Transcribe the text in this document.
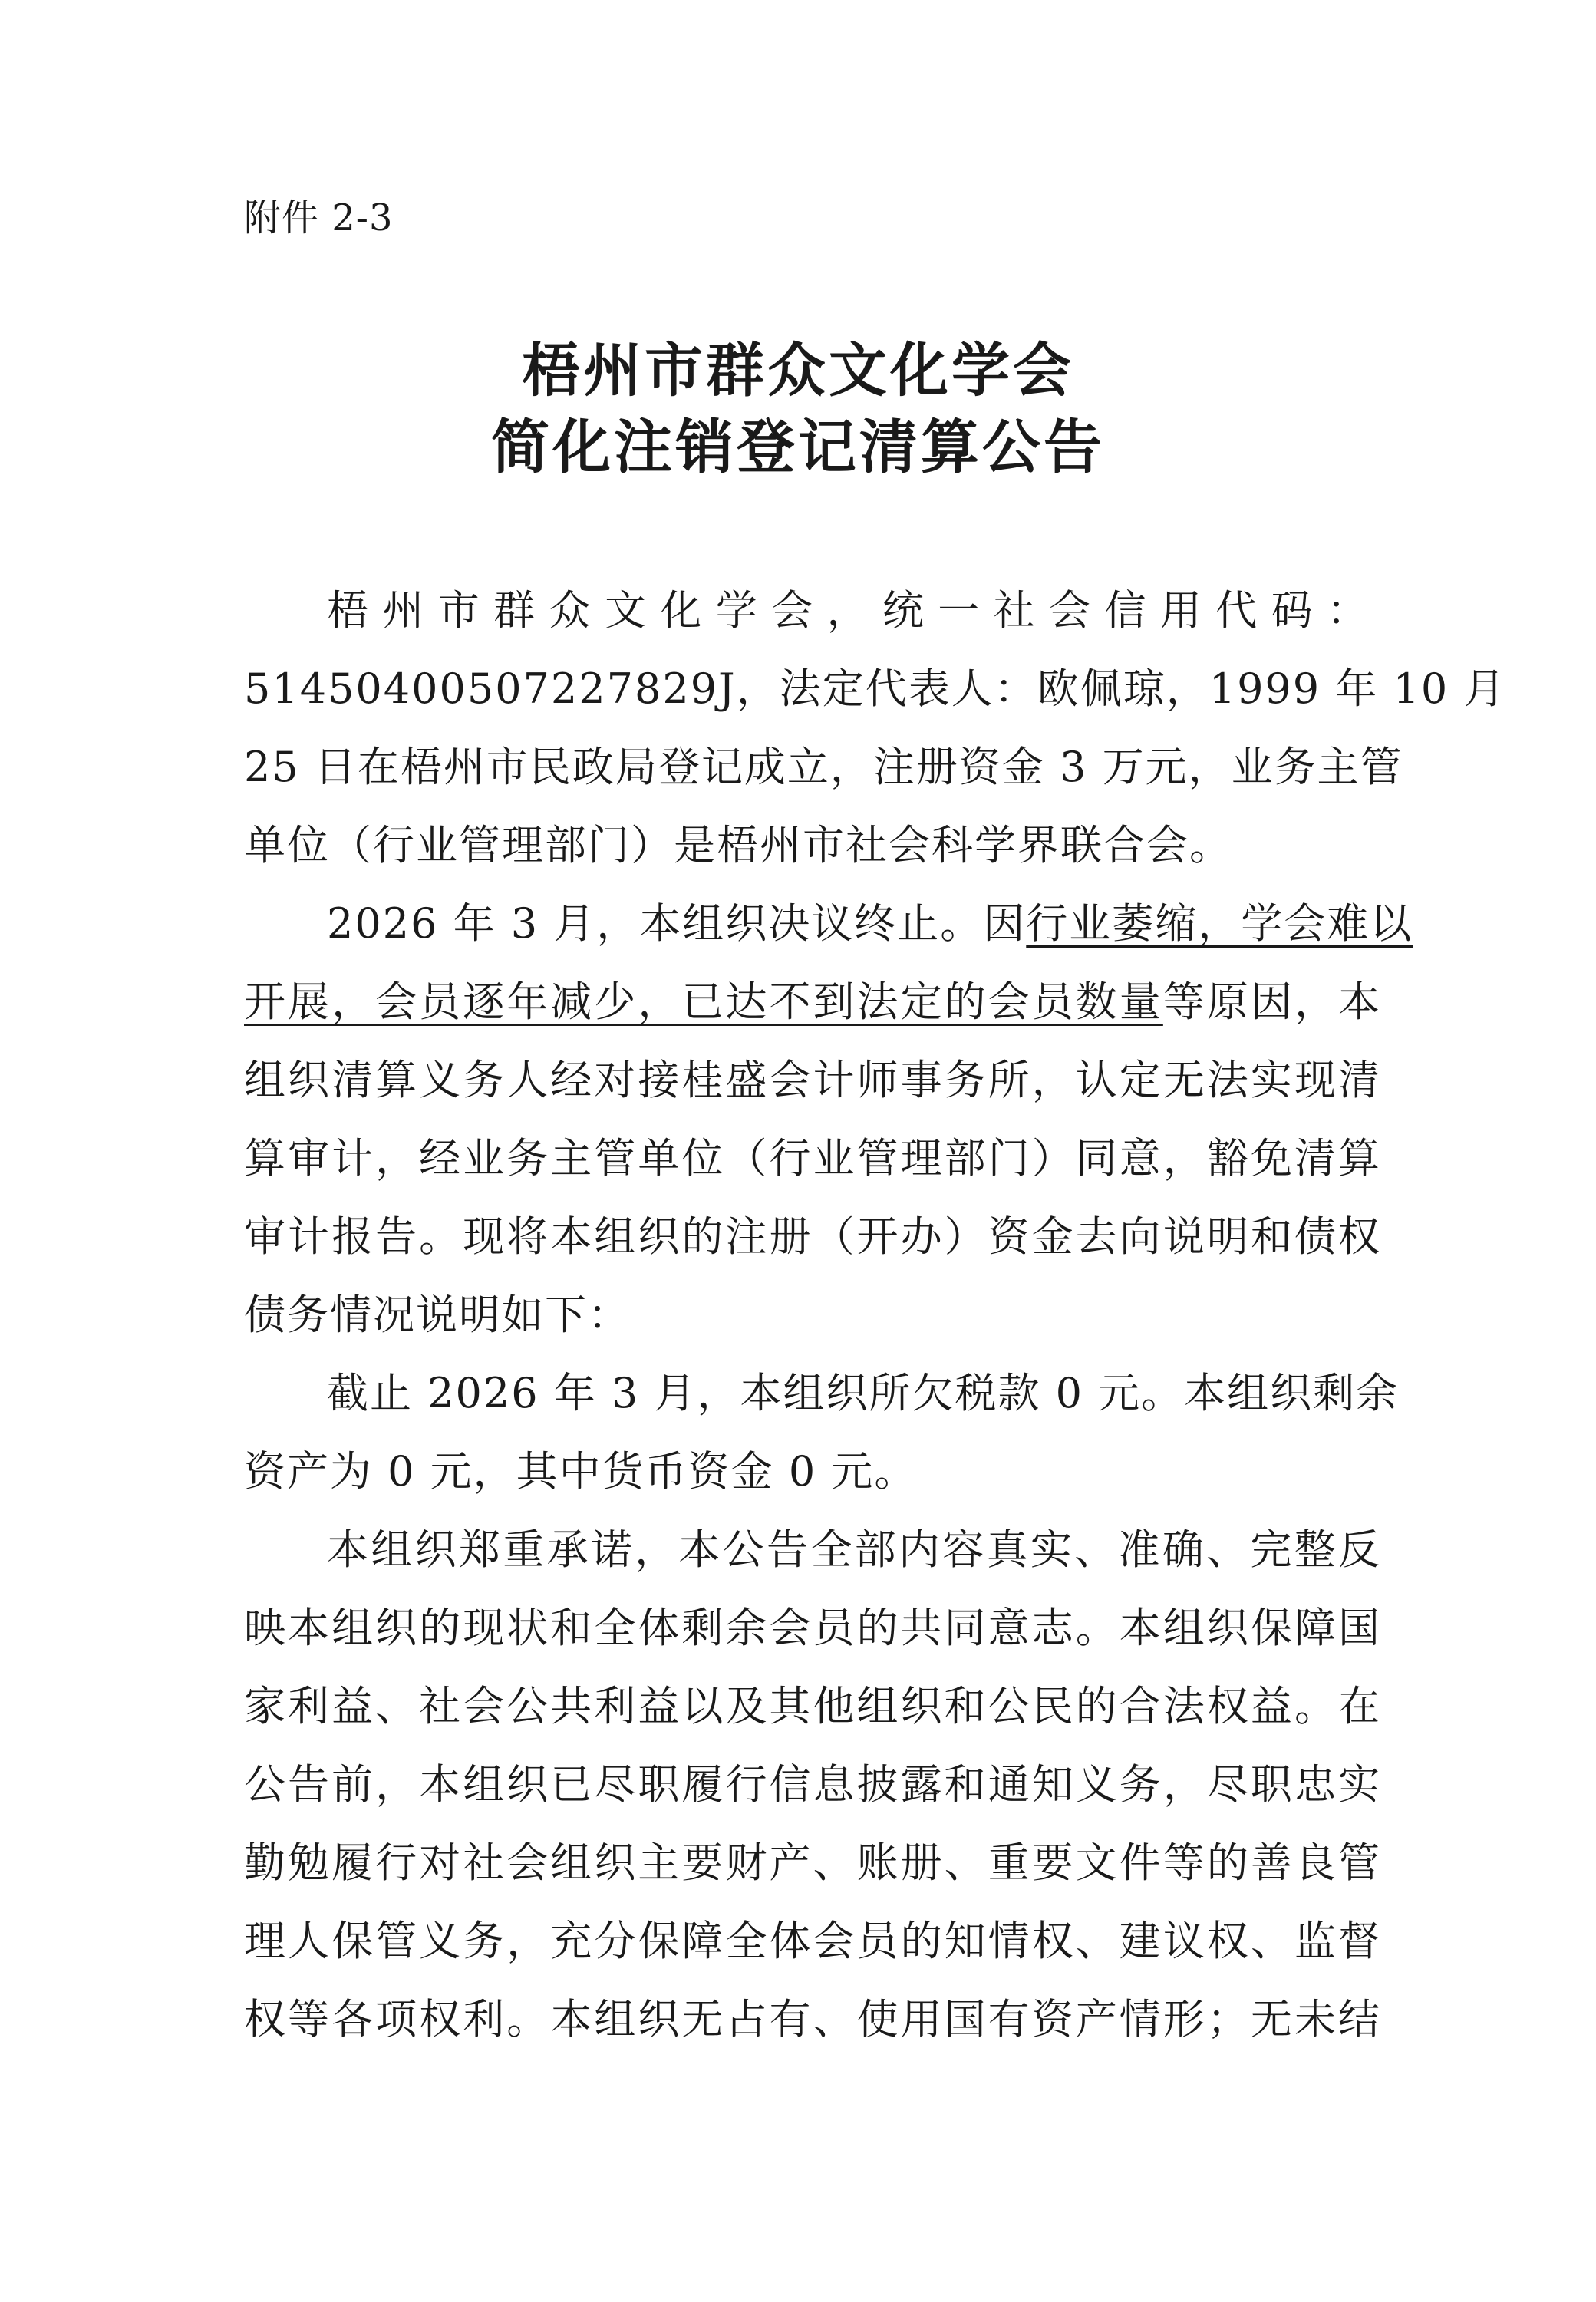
附件 2-3
梧州市群众文化学会
简化注销登记清算公告
梧州市群众文化学会，统一社会信用代码：
51450400507227829J，法定代表人：欧佩琼，1999 年 10 月
25 日在梧州市民政局登记成立，注册资金 3 万元，业务主管
单位（行业管理部门）是梧州市社会科学界联合会。
2026 年 3 月，本组织决议终止。因行业萎缩，学会难以
开展，会员逐年减少，已达不到法定的会员数量等原因，本
组织清算义务人经对接桂盛会计师事务所，认定无法实现清
算审计，经业务主管单位（行业管理部门）同意，豁免清算
审计报告。现将本组织的注册（开办）资金去向说明和债权
债务情况说明如下：
截止 2026 年 3 月，本组织所欠税款 0 元。本组织剩余
资产为 0 元，其中货币资金 0 元。
本组织郑重承诺，本公告全部内容真实、准确、完整反
映本组织的现状和全体剩余会员的共同意志。本组织保障国
家利益、社会公共利益以及其他组织和公民的合法权益。在
公告前，本组织已尽职履行信息披露和通知义务，尽职忠实
勤勉履行对社会组织主要财产、账册、重要文件等的善良管
理人保管义务，充分保障全体会员的知情权、建议权、监督
权等各项权利。本组织无占有、使用国有资产情形；无未结
